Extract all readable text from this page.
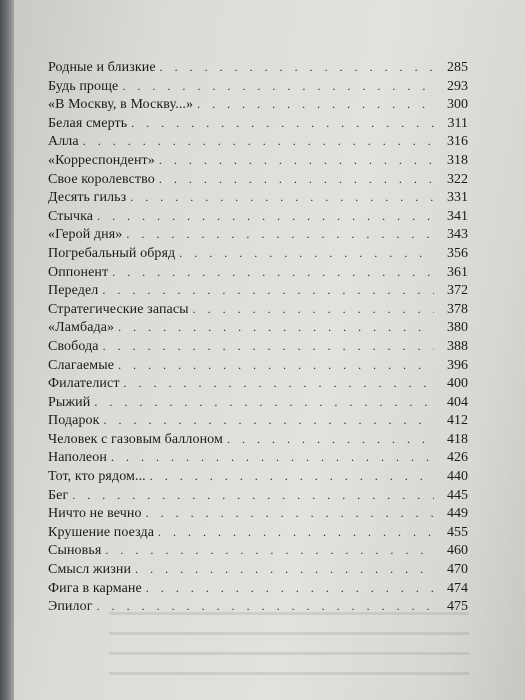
Родные и близкие . . .	285
Будь проще . . .	293
«В Москву, в Москву...» . . .	300
Белая смерть . . .	311
Алла . . .	316
«Корреспондент» . . .	318
Свое королевство . . .	322
Десять гильз . . .	331
Стычка . . .	341
«Герой дня» . . .	343
Погребальный обряд . . .	356
Оппонент . . .	361
Передел . . .	372
Стратегические запасы . . .	378
«Ламбада» . . .	380
Свобода . . .	388
Слагаемые . . .	396
Филателист . . .	400
Рыжий . . .	404
Подарок . . .	412
Человек с газовым баллоном . . .	418
Наполеон . . .	426
Тот, кто рядом... . . .	440
Бег . . .	445
Ничто не вечно . . .	449
Крушение поезда . . .	455
Сыновья . . .	460
Смысл жизни . . .	470
Фига в кармане . . .	474
Эпилог . . .	475
